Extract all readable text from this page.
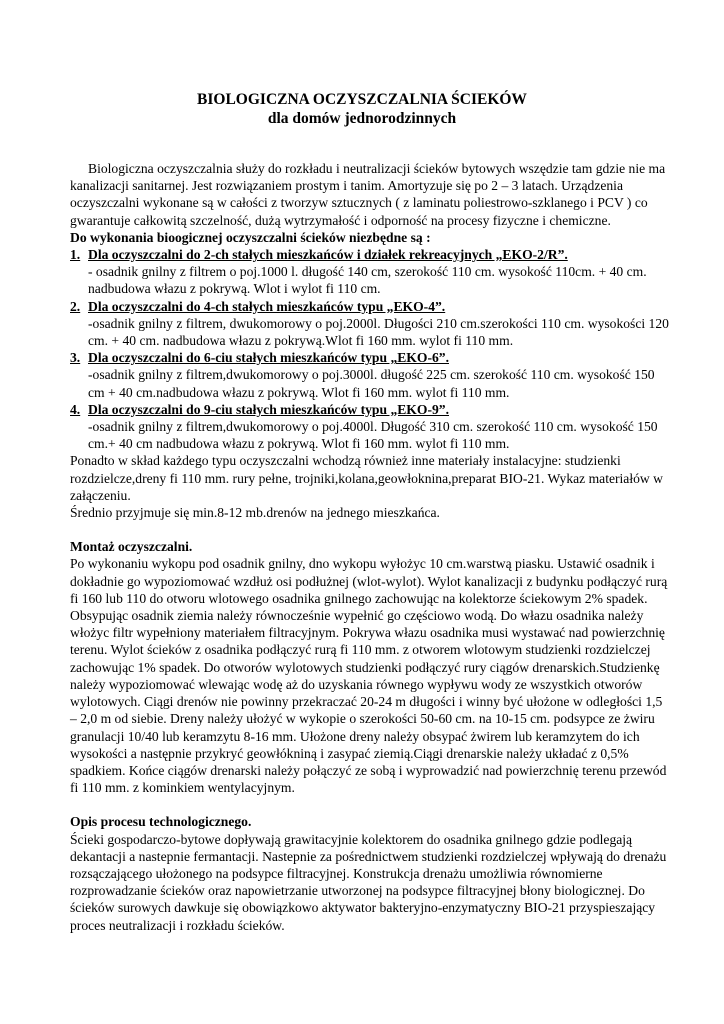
BIOLOGICZNA OCZYSZCZALNIA ŚCIEKÓW
dla domów jednorodzinnych

Biologiczna oczyszczalnia służy do rozkładu i neutralizacji ścieków bytowych wszędzie tam gdzie nie ma kanalizacji sanitarnej. Jest rozwiązaniem prostym i tanim. Amortyzuje się po 2 – 3 latach. Urządzenia oczyszczalni wykonane są w całości z tworzyw sztucznych ( z laminatu poliestrowo-szklanego i PCV ) co gwarantuje całkowitą szczelność, dużą wytrzymałość i odporność na procesy fizyczne i chemiczne.

Do wykonania bioogicznej oczyszczalni ścieków niezbędne są :

1. Dla oczyszczalni do 2-ch stałych mieszkańców i działek rekreacyjnych „EKO-2/R”.

- osadnik gnilny z filtrem o poj.1000 l. długość 140 cm, szerokość 110 cm. wysokość 110cm. + 40 cm. nadbudowa włazu z pokrywą. Wlot i wylot fi 110 cm.

2. Dla oczyszczalni do 4-ch stałych mieszkańców typu „EKO-4”.

-osadnik gnilny z filtrem, dwukomorowy o poj.2000l. Długości 210 cm.szerokości 110 cm. wysokości 120 cm. + 40 cm. nadbudowa włazu z pokrywą.Wlot fi 160 mm. wylot fi 110 mm.

3. Dla oczyszczalni do 6-ciu stałych mieszkańców typu „EKO-6”.

-osadnik gnilny z filtrem,dwukomorowy o poj.3000l. długość 225 cm. szerokość 110 cm. wysokość 150 cm + 40 cm.nadbudowa włazu z pokrywą. Wlot fi 160 mm. wylot fi 110 mm.

4. Dla oczyszczalni do 9-ciu stałych mieszkańców typu „EKO-9”.

-osadnik gnilny z filtrem,dwukomorowy o poj.4000l. Długość 310 cm. szerokość 110 cm. wysokość 150 cm.+ 40 cm nadbudowa włazu z pokrywą. Wlot fi 160 mm. wylot fi 110 mm.

Ponadto w skład każdego typu oczyszczalni wchodzą również inne materiały instalacyjne: studzienki rozdzielcze,dreny fi 110 mm. rury pełne, trojniki,kolana,geowłoknina,preparat BIO-21. Wykaz materiałów w załączeniu.

Średnio przyjmuje się min.8-12 mb.drenów na jednego mieszkańca.

Montaż oczyszczalni.

Po wykonaniu wykopu pod osadnik gnilny, dno wykopu wyłożyc 10 cm.warstwą piasku. Ustawić osadnik i dokładnie go wypoziomować wzdłuż osi podłużnej (wlot-wylot). Wylot kanalizacji z budynku podłączyć rurą fi 160 lub 110 do otworu wlotowego osadnika gnilnego zachowując na kolektorze ściekowym 2% spadek. Obsypując osadnik ziemia należy równocześnie wypełnić go częściowo wodą. Do włazu osadnika należy włożyc filtr wypełniony materiałem filtracyjnym. Pokrywa włazu osadnika musi wystawać nad powierzchnię terenu. Wylot ścieków z osadnika podłączyć rurą fi 110 mm. z otworem wlotowym studzienki rozdzielczej zachowując 1% spadek. Do otworów wylotowych studzienki podłączyć rury ciągów drenarskich.Studzienkę należy wypoziomować wlewając wodę aż do uzyskania równego wypływu wody ze wszystkich otworów wylotowych. Ciągi drenów nie powinny przekraczać 20-24 m długości i winny być ułożone w odległości 1,5 – 2,0 m od siebie. Dreny należy ułożyć w wykopie o szerokości 50-60 cm. na 10-15 cm. podsypce ze żwiru granulacji 10/40 lub keramzytu 8-16 mm. Ułożone dreny należy obsypać żwirem lub keramzytem do ich wysokości a następnie przykryć geowłókniną i zasypać ziemią.Ciągi drenarskie należy układać z 0,5% spadkiem. Końce ciągów drenarski należy połączyć ze sobą i wyprowadzić nad powierzchnię terenu przewód fi 110 mm. z kominkiem wentylacyjnym.

Opis procesu technologicznego.

Ścieki gospodarczo-bytowe dopływają grawitacyjnie kolektorem do osadnika gnilnego gdzie podlegają dekantacji a nastepnie fermantacji. Nastepnie za pośrednictwem studzienki rozdzielczej wpływają do drenażu rozsączającego ułożonego na podsypce filtracyjnej. Konstrukcja drenażu umożliwia równomierne rozprowadzanie ścieków oraz napowietrzanie utworzonej na podsypce filtracyjnej błony biologicznej. Do ścieków surowych dawkuje się obowiązkowo aktywator bakteryjno-enzymatyczny BIO-21 przyspieszający proces neutralizacji i rozkładu ścieków.
